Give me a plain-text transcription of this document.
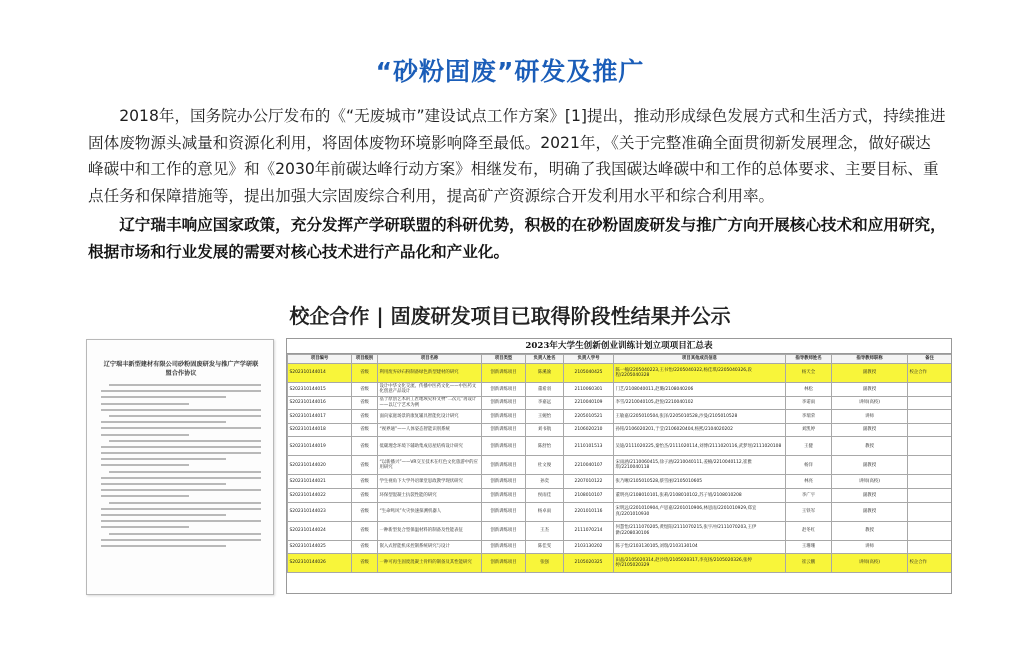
“砂粉固废”研发及推广

2018年，国务院办公厅发布的《“无废城市”建设试点工作方案》[1]提出，推动形成绿色发展方式和生活方式，持续推进固体废物源头减量和资源化利用，将固体废物环境影响降至最低。2021年，《关于完整准确全面贯彻新发展理念，做好碳达峰碳中和工作的意见》和《2030年前碳达峰行动方案》相继发布，明确了我国碳达峰碳中和工作的总体要求、主要目标、重点任务和保障措施等，提出加强大宗固废综合利用，提高矿产资源综合开发利用水平和综合利用率。

辽宁瑞丰响应国家政策，充分发挥产学研联盟的科研优势，积极的在砂粉固废研发与推广方向开展核心技术和应用研究，根据市场和行业发展的需要对核心技术进行产品化和产业化。

校企合作 | 固废研发项目已取得阶段性结果并公示
辽宁瑞丰新型建材有限公司砂粉固废研发与推广产学研联盟合作协议
2023年大学生创新创业训练计划立项项目汇总表
项目编号	项目级别	项目名称	项目类型	负责人姓名	负责人学号	项目其他成员信息	指导教师姓名	指导教师职称	备注
S202310144014	省级	利用废弃砂石粉制备绿色新型建材的研究	创新训练项目	陈溪渝	2105040425	陈一楠/2205040223,王书怡/2205040322,杨佳琪/2205040326,段程/2205040328	杨天全	副教授	校企合作
S202310144015	省级	设计中华文化交流、传播中医药文化——中医药文化创意产品设计	创新训练项目	董希羽	2110060301	门艺/2108040011,赵璐/2108040206	林松	副教授	
S202310144016	省级	基于原创艺术的工匠地域史料文物“二次元”再设计——以辽宁艺术为例	创新训练项目	李嘉远	2210040109	李雪/2210040105,赵悦/2210040102	李诺雨	讲师(高校)	
S202310144017	省级	面向家庭场景的康复辅具智能化设计研究	创新训练项目	王婉怡	2205010521	王敏嘉/2205010504,张泽/2205010528,沙曼/2105010528	李瑞荣	讲师	
S202310144018	省级	“视界通”——人体姿态智能识别系统	创新训练项目	刘书航	2106020210	孙铭/2106020201,于莹/2106020404,杨熙/2104020202	刘凯婷	副教授	
S202310144019	省级	低碳理念环境下辅助集成房屋结构设计研究	创新训练项目	陈舒怡	2110101513	吴迪/2111020225,秦怡杰/2111020114,刘博/2111020116,武梦瑶/2111020108	王健	教授	
S202310144020	省级	“以新播兴”——VR交互技术在红色文化旅游中的应用研究	创新训练项目	杜文俊	2210040107	宋雨涵/2110060415,徐子涵/2210040111,姜楠/2210040112,崔雅琪/2210040118	杨洋	副教授	
S202310144021	省级	学生视角下大学外语课堂思政教学现状研究	创新训练项目	孙奕	2207010122	张乃晰/2105010528,蔡雪丽/2105010605	林亮	讲师(高校)	
S202310144022	省级	环保型混凝土抗裂性能的研究	创新训练项目	侯雨佳	2108010107	董明亮/2108010101,张莉/2108010102,苏子娟/2108010208	李广宇	副教授	
S202310144023	省级	“生命鸣风”火灾快速探测机器人	创新训练项目	杨卓雨	2201010116	宋明远/2201010904,卢思嘉/2201010906,林思雨/2201010929,郑宜真/2201010930	王铁军	副教授	
S202310144024	省级	一种新型复合型保温材料的制备及性能表征	创新训练项目	王杰	2111070214	何慧怡/2111070205,黄煜阳/2111070215,张宇冲/2111070203,王伊渺/2208030106	赵冬红	教授	
S202310144025	省级	嵌入式智能机床控制系统研究与设计	创新训练项目	陈佳雯	2103130202	陈子怡/2103130105,刘瑞/2103130104	王珊珊	讲师	
S202310144026	省级	一种可再生固废混凝土骨料的制备及其性能研究	创新训练项目	张强	2105020325	田晶/2105020314,赵沙琦/2105020317,李克扬/2105020326,张婷婷/2105020329	崔云鹏	讲师(高校)	校企合作
